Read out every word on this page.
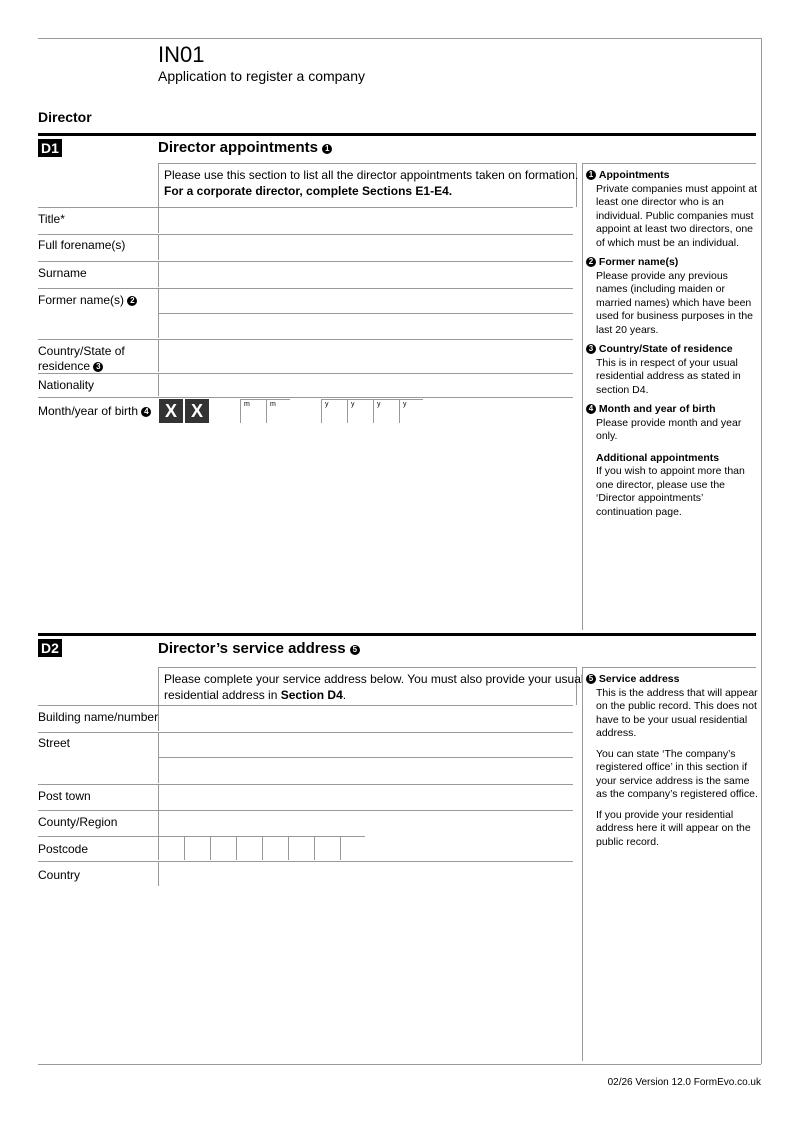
IN01
Application to register a company
Director
D1	Director appointments 1
Please use this section to list all the director appointments taken on formation.
For a corporate director, complete Sections E1-E4.
Title*
Full forename(s)
Surname
Former name(s) 2
Country/State of
residence 3
Nationality
Month/year of birth 4 X X	m	m	y	y	y	y
1 Appointments
Private companies must appoint at least one director who is an individual. Public companies must appoint at least two directors, one of which must be an individual.
2 Former name(s)
Please provide any previous names (including maiden or married names) which have been used for business purposes in the last 20 years.
3 Country/State of residence
This is in respect of your usual residential address as stated in section D4.
4 Month and year of birth
Please provide month and year only.
Additional appointments
If you wish to appoint more than one director, please use the ‘Director appointments’ continuation page.
D2	Director’s service address 5
Please complete your service address below. You must also provide your usual
residential address in Section D4.
Building name/number
Street
Post town
County/Region
Postcode
Country
5 Service address
This is the address that will appear on the public record. This does not have to be your usual residential address.
You can state ‘The company’s registered office’ in this section if your service address is the same as the company’s registered office.
If you provide your residential address here it will appear on the public record.
02/26 Version 12.0 FormEvo.co.uk
